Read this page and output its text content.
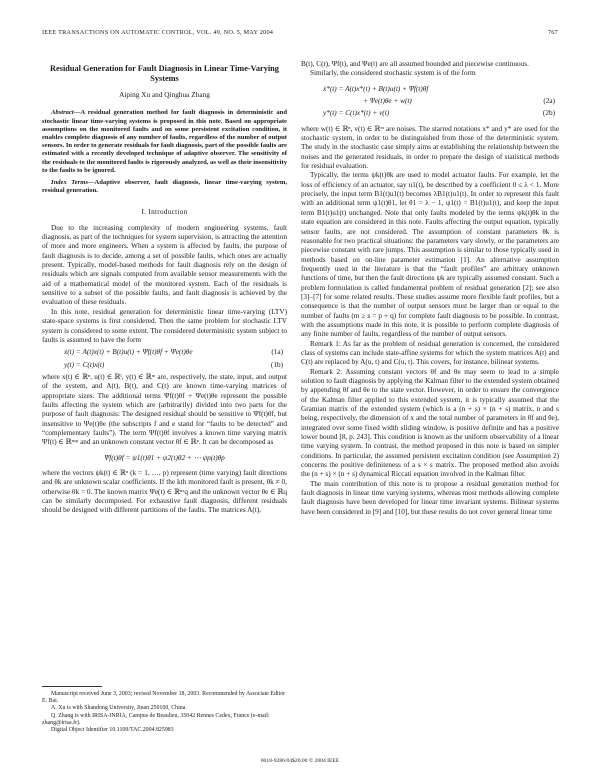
IEEE TRANSACTIONS ON AUTOMATIC CONTROL, VOL. 49, NO. 5, MAY 2004	767

Residual Generation for Fault Diagnosis in Linear Time-Varying Systems

Aiping Xu and Qinghua Zhang

Abstract—A residual generation method for fault diagnosis in deterministic and stochastic linear time-varying systems is proposed in this note. Based on appropriate assumptions on the monitored faults and on some persistent excitation condition, it enables complete diagnosis of any number of faults, regardless of the number of output sensors. In order to generate residuals for fault diagnosis, part of the possible faults are estimated with a recently developed technique of adaptive observer. The sensitivity of the residuals to the monitored faults is rigorously analyzed, as well as their insensitivity to the faults to be ignored.

Index Terms—Adaptive observer, fault diagnosis, linear time-varying system, residual generation.

I. Introduction

Due to the increasing complexity of modern engineering systems, fault diagnosis, as part of the techniques for system supervision, is attracting the attention of more and more engineers. When a system is affected by faults, the purpose of fault diagnosis is to decide, among a set of possible faults, which ones are actually present. Typically, model-based methods for fault diagnosis rely on the design of residuals which are signals computed from available sensor measurements with the aid of a mathematical model of the monitored system. Each of the residuals is sensitive to a subset of the possible faults, and fault diagnosis is achieved by the evaluation of these residuals.

In this note, residual generation for deterministic linear time-varying (LTV) state-space systems is first considered. Then the same problem for stochastic LTV system is considered to some extent. The considered deterministic system subject to faults is assumed to have the form

ẋ(t) = A(t)x(t) + B(t)u(t) + Ψf(t)θf + Ψe(t)θe	(1a)
y(t) = C(t)x(t)	(1b)

where x(t) ∈ ℝⁿ, u(t) ∈ ℝˡ, y(t) ∈ ℝᵐ are, respectively, the state, input, and output of the system, and A(t), B(t), and C(t) are known time-varying matrices of appropriate sizes. The additional terms Ψf(t)θf + Ψe(t)θe represent the possible faults affecting the system which are (arbitrarily) divided into two parts for the purpose of fault diagnosis: The designed residual should be sensitive to Ψf(t)θf, but insensitive to Ψe(t)θe (the subscripts f and e stand for “faults to be detected” and “complementary faults”). The term Ψf(t)θf involves a known time varying matrix Ψf(t) ∈ ℝⁿˣᵖ and an unknown constant vector θf ∈ ℝᵖ. It can be decomposed as

Ψf(t)θf = ψ1(t)θ1 + ψ2(t)θ2 + ⋯ ψp(t)θp

where the vectors ψk(t) ∈ ℝⁿ (k = 1, …, p) represent (time varying) fault directions and θk are unknown scalar coefficients. If the kth monitored fault is present, θk ≠ 0, otherwise θk = 0. The known matrix Ψe(t) ∈ ℝⁿˣq and the unknown vector θe ∈ ℝq can be similarly decomposed. For exhaustive fault diagnosis, different residuals should be designed with different partitions of the faults. The matrices A(t),

Manuscript received June 3, 2003; revised November 18, 2003. Recommended by Associate Editor E. Bai.

A. Xu is with Shandong University, Jinan 250100, China.

Q. Zhang is with IRISA-INRIA, Campus de Beaulieu, 35042 Rennes Cedex, France (e-mail: zhang@irisa.fr).

Digital Object Identifier 10.1109/TAC.2004.825983

B(t), C(t), Ψf(t), and Ψe(t) are all assumed bounded and piecewise continuous.

Similarly, the considered stochastic system is of the form

ẋ*(t) = A(t)x*(t) + B(t)u(t) + Ψf(t)θf
+ Ψe(t)θe + w(t)	(2a)
y*(t) = C(t)x*(t) + v(t)	(2b)

where w(t) ∈ ℝⁿ, v(t) ∈ ℝᵐ are noises. The starred notations x* and y* are used for the stochastic system, in order to be distinguished from those of the deterministic system. The study in the stochastic case simply aims at establishing the relationship between the noises and the generated residuals, in order to prepare the design of statistical methods for residual evaluation.

Typically, the terms ψk(t)θk are used to model actuator faults. For example, let the loss of efficiency of an actuator, say u1(t), be described by a coefficient 0 ≤ λ < 1. More precisely, the input term B1(t)u1(t) becomes λB1(t)u1(t). In order to represent this fault with an additional term ψ1(t)θ1, let θ1 = λ − 1, ψ1(t) = B1(t)u1(t), and keep the input term B1(t)u1(t) unchanged. Note that only faults modeled by the terms ψk(t)θk in the state equation are considered in this note. Faults affecting the output equation, typically sensor faults, are not considered. The assumption of constant parameters θk is reasonable for two practical situations: the parameters vary slowly, or the parameters are piecewise constant with rare jumps. This assumption is similar to those typically used in methods based on on-line parameter estimation [1]. An alternative assumption frequently used in the literature is that the “fault profiles” are arbitrary unknown functions of time, but then the fault directions ψk are typically assumed constant. Such a problem formulation is called fundamental problem of residual generation [2]; see also [3]–[7] for some related results. These studies assume more flexible fault profiles, but a consequence is that the number of output sensors must be larger than or equal to the number of faults (m ≥ s = p + q) for complete fault diagnosis to be possible. In contrast, with the assumptions made in this note, it is possible to perform complete diagnosis of any finite number of faults, regardless of the number of output sensors.

Remark 1: As far as the problem of residual generation is concerned, the considered class of systems can include state-affine systems for which the system matrices A(t) and C(t) are replaced by A(u, t) and C(u, t). This covers, for instance, bilinear systems.

Remark 2: Assuming constant vectors θf and θe may seem to lead to a simple solution to fault diagnosis by applying the Kalman filter to the extended system obtained by appending θf and θe to the state vector. However, in order to ensure the convergence of the Kalman filter applied to this extended system, it is typically assumed that the Gramian matrix of the extended system (which is a (n + s) × (n + s) matrix, n and s being, respectively, the dimension of x and the total number of parameters in θf and θe), integrated over some fixed width sliding window, is positive definite and has a positive lower bound [8, p. 243]. This condition is known as the uniform observability of a linear time varying system. In contrast, the method proposed in this note is based on simpler conditions. In particular, the assumed persistent excitation condition (see Assumption 2) concerns the positive definiteness of a s × s matrix. The proposed method also avoids the (n + s) × (n + s) dynamical Riccati equation involved in the Kalman filter.

The main contribution of this note is to propose a residual generation method for fault diagnosis in linear time varying systems, whereas most methods allowing complete fault diagnosis have been developed for linear time invariant systems. Bilinear systems have been considered in [9] and [10], but these results do not cover general linear time

0018-9286/04$20.00 © 2004 IEEE
